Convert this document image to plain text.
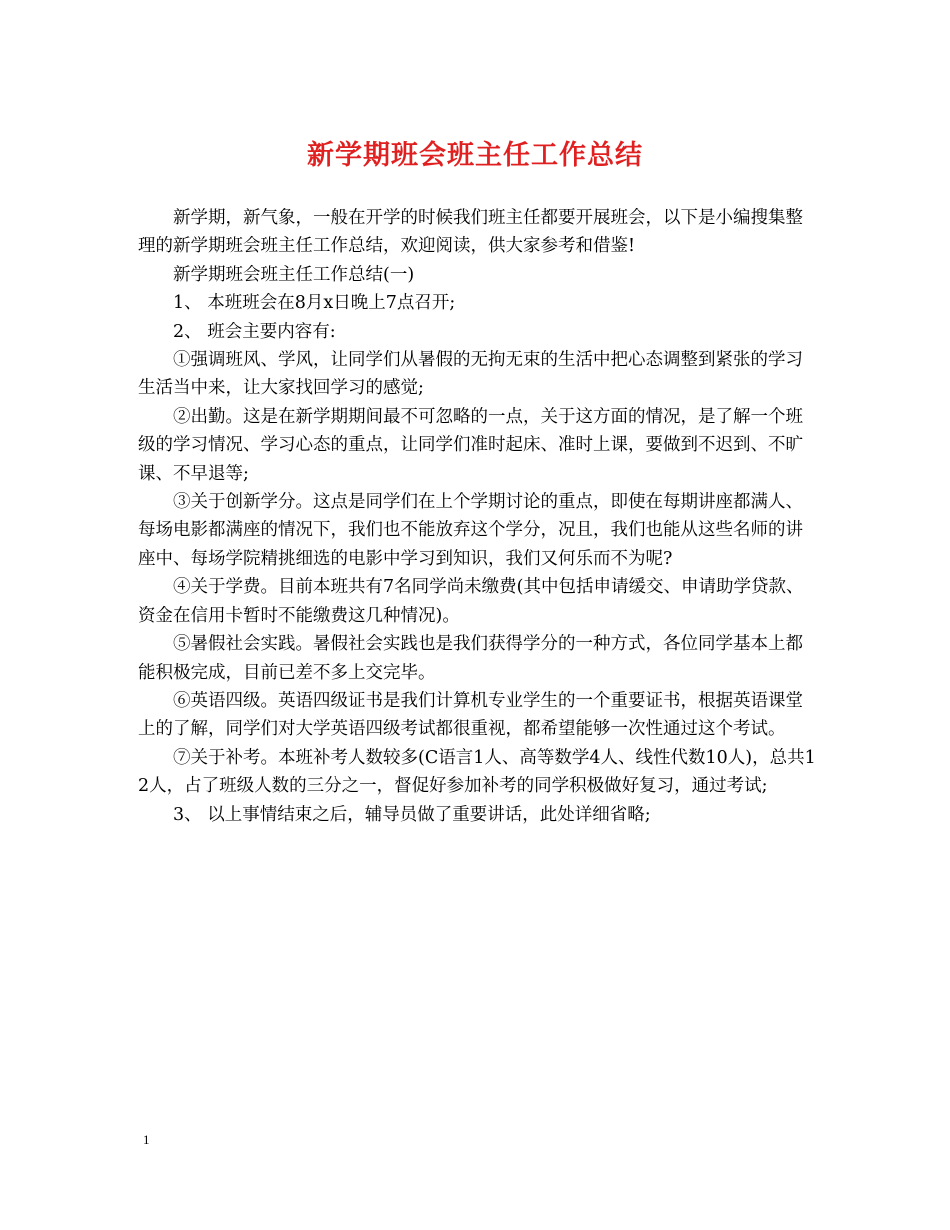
新学期班会班主任工作总结

新学期，新气象，一般在开学的时候我们班主任都要开展班会，以下是小编搜集整理的新学期班会班主任工作总结，欢迎阅读，供大家参考和借鉴!

新学期班会班主任工作总结(一)

1、 本班班会在8月x日晚上7点召开;

2、 班会主要内容有:

①强调班风、学风，让同学们从暑假的无拘无束的生活中把心态调整到紧张的学习生活当中来，让大家找回学习的感觉;

②出勤。这是在新学期期间最不可忽略的一点，关于这方面的情况，是了解一个班级的学习情况、学习心态的重点，让同学们准时起床、准时上课，要做到不迟到、不旷课、不早退等;

③关于创新学分。这点是同学们在上个学期讨论的重点，即使在每期讲座都满人、每场电影都满座的情况下，我们也不能放弃这个学分，况且，我们也能从这些名师的讲座中、每场学院精挑细选的电影中学习到知识，我们又何乐而不为呢?

④关于学费。目前本班共有7名同学尚未缴费(其中包括申请缓交、申请助学贷款、资金在信用卡暂时不能缴费这几种情况)。

⑤暑假社会实践。暑假社会实践也是我们获得学分的一种方式，各位同学基本上都能积极完成，目前已差不多上交完毕。

⑥英语四级。英语四级证书是我们计算机专业学生的一个重要证书，根据英语课堂上的了解，同学们对大学英语四级考试都很重视，都希望能够一次性通过这个考试。

⑦关于补考。本班补考人数较多(C语言1人、高等数学4人、线性代数10人)，总共12人，占了班级人数的三分之一，督促好参加补考的同学积极做好复习，通过考试;

3、 以上事情结束之后，辅导员做了重要讲话，此处详细省略;

1
